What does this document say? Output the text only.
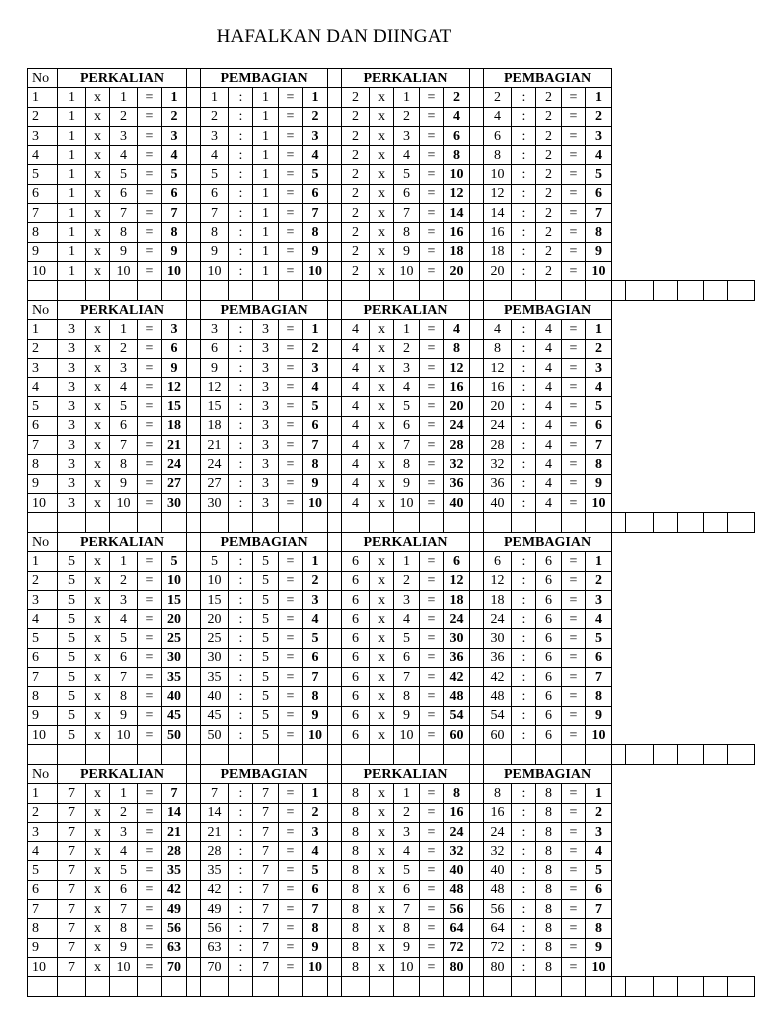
HAFALKAN DAN DIINGAT
No	PERKALIAN						PEMBAGIAN						PERKALIAN						PEMBAGIAN										
1	1	x	1	=	1		1	:	1	=	1		2	x	1	=	2		2	:	2	=	1						
2	1	x	2	=	2		2	:	1	=	2		2	x	2	=	4		4	:	2	=	2						
3	1	x	3	=	3		3	:	1	=	3		2	x	3	=	6		6	:	2	=	3						
4	1	x	4	=	4		4	:	1	=	4		2	x	4	=	8		8	:	2	=	4						
5	1	x	5	=	5		5	:	1	=	5		2	x	5	=	10		10	:	2	=	5						
6	1	x	6	=	6		6	:	1	=	6		2	x	6	=	12		12	:	2	=	6						
7	1	x	7	=	7		7	:	1	=	7		2	x	7	=	14		14	:	2	=	7						
8	1	x	8	=	8		8	:	1	=	8		2	x	8	=	16		16	:	2	=	8						
9	1	x	9	=	9		9	:	1	=	9		2	x	9	=	18		18	:	2	=	9						
10	1	x	10	=	10		10	:	1	=	10		2	x	10	=	20		20	:	2	=	10						

No	PERKALIAN						PEMBAGIAN						PERKALIAN						PEMBAGIAN										
1	3	x	1	=	3		3	:	3	=	1		4	x	1	=	4		4	:	4	=	1						
2	3	x	2	=	6		6	:	3	=	2		4	x	2	=	8		8	:	4	=	2						
3	3	x	3	=	9		9	:	3	=	3		4	x	3	=	12		12	:	4	=	3						
4	3	x	4	=	12		12	:	3	=	4		4	x	4	=	16		16	:	4	=	4						
5	3	x	5	=	15		15	:	3	=	5		4	x	5	=	20		20	:	4	=	5						
6	3	x	6	=	18		18	:	3	=	6		4	x	6	=	24		24	:	4	=	6						
7	3	x	7	=	21		21	:	3	=	7		4	x	7	=	28		28	:	4	=	7						
8	3	x	8	=	24		24	:	3	=	8		4	x	8	=	32		32	:	4	=	8						
9	3	x	9	=	27		27	:	3	=	9		4	x	9	=	36		36	:	4	=	9						
10	3	x	10	=	30		30	:	3	=	10		4	x	10	=	40		40	:	4	=	10						

No	PERKALIAN						PEMBAGIAN						PERKALIAN						PEMBAGIAN										
1	5	x	1	=	5		5	:	5	=	1		6	x	1	=	6		6	:	6	=	1						
2	5	x	2	=	10		10	:	5	=	2		6	x	2	=	12		12	:	6	=	2						
3	5	x	3	=	15		15	:	5	=	3		6	x	3	=	18		18	:	6	=	3						
4	5	x	4	=	20		20	:	5	=	4		6	x	4	=	24		24	:	6	=	4						
5	5	x	5	=	25		25	:	5	=	5		6	x	5	=	30		30	:	6	=	5						
6	5	x	6	=	30		30	:	5	=	6		6	x	6	=	36		36	:	6	=	6						
7	5	x	7	=	35		35	:	5	=	7		6	x	7	=	42		42	:	6	=	7						
8	5	x	8	=	40		40	:	5	=	8		6	x	8	=	48		48	:	6	=	8						
9	5	x	9	=	45		45	:	5	=	9		6	x	9	=	54		54	:	6	=	9						
10	5	x	10	=	50		50	:	5	=	10		6	x	10	=	60		60	:	6	=	10						

No	PERKALIAN						PEMBAGIAN						PERKALIAN						PEMBAGIAN										
1	7	x	1	=	7		7	:	7	=	1		8	x	1	=	8		8	:	8	=	1						
2	7	x	2	=	14		14	:	7	=	2		8	x	2	=	16		16	:	8	=	2						
3	7	x	3	=	21		21	:	7	=	3		8	x	3	=	24		24	:	8	=	3						
4	7	x	4	=	28		28	:	7	=	4		8	x	4	=	32		32	:	8	=	4						
5	7	x	5	=	35		35	:	7	=	5		8	x	5	=	40		40	:	8	=	5						
6	7	x	6	=	42		42	:	7	=	6		8	x	6	=	48		48	:	8	=	6						
7	7	x	7	=	49		49	:	7	=	7		8	x	7	=	56		56	:	8	=	7						
8	7	x	8	=	56		56	:	7	=	8		8	x	8	=	64		64	:	8	=	8						
9	7	x	9	=	63		63	:	7	=	9		8	x	9	=	72		72	:	8	=	9						
10	7	x	10	=	70		70	:	7	=	10		8	x	10	=	80		80	:	8	=	10						
